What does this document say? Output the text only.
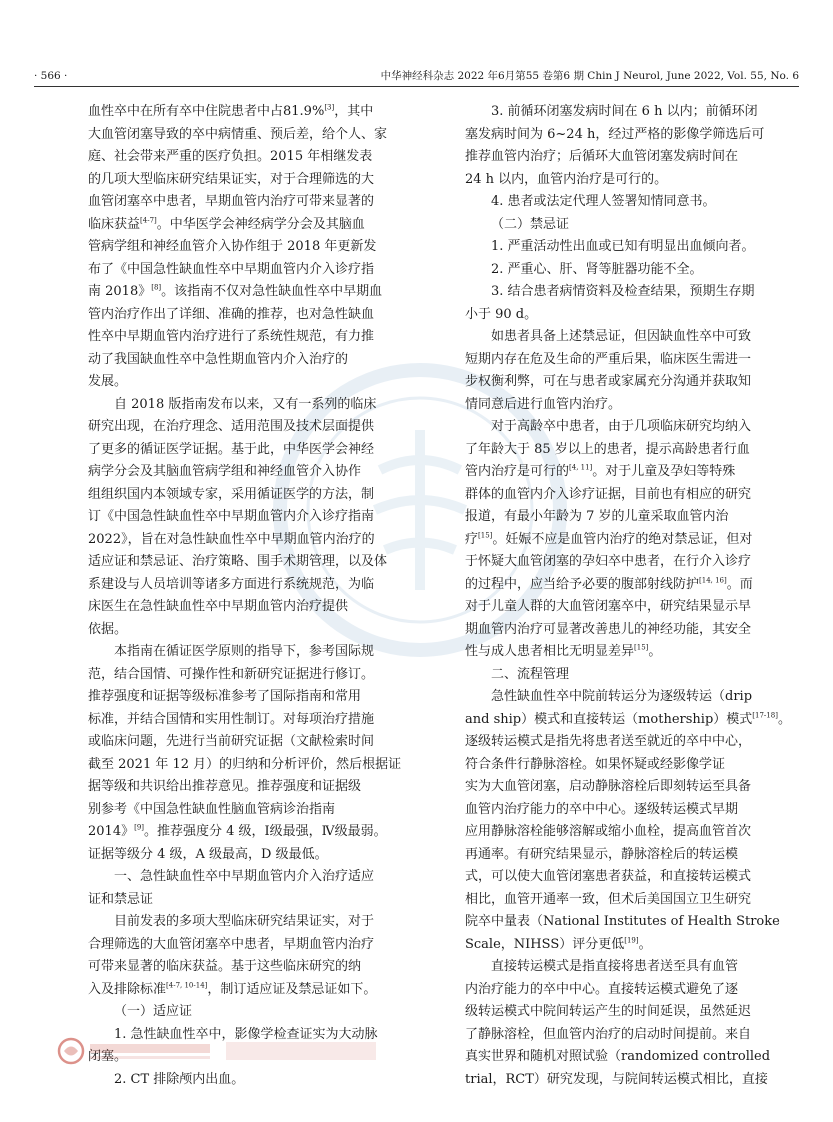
· 566 ·	中华神经科杂志 2022 年6月第55 卷第6 期 Chin J Neurol, June 2022, Vol. 55, No. 6

血性卒中在所有卒中住院患者中占81.9%[3]，其中

大血管闭塞导致的卒中病情重、预后差，给个人、家

庭、社会带来严重的医疗负担。2015 年相继发表

的几项大型临床研究结果证实，对于合理筛选的大

血管闭塞卒中患者，早期血管内治疗可带来显著的

临床获益[4-7]。中华医学会神经病学分会及其脑血

管病学组和神经血管介入协作组于 2018 年更新发

布了《中国急性缺血性卒中早期血管内介入诊疗指

南 2018》[8]。该指南不仅对急性缺血性卒中早期血

管内治疗作出了详细、准确的推荐，也对急性缺血

性卒中早期血管内治疗进行了系统性规范，有力推

动了我国缺血性卒中急性期血管内介入治疗的

发展。

自 2018 版指南发布以来，又有一系列的临床

研究出现，在治疗理念、适用范围及技术层面提供

了更多的循证医学证据。基于此，中华医学会神经

病学分会及其脑血管病学组和神经血管介入协作

组组织国内本领域专家，采用循证医学的方法，制

订《中国急性缺血性卒中早期血管内介入诊疗指南

2022》，旨在对急性缺血性卒中早期血管内治疗的

适应证和禁忌证、治疗策略、围手术期管理，以及体

系建设与人员培训等诸多方面进行系统规范，为临

床医生在急性缺血性卒中早期血管内治疗提供

依据。

本指南在循证医学原则的指导下，参考国际规

范，结合国情、可操作性和新研究证据进行修订。

推荐强度和证据等级标准参考了国际指南和常用

标准，并结合国情和实用性制订。对每项治疗措施

或临床问题，先进行当前研究证据（文献检索时间

截至 2021 年 12 月）的归纳和分析评价，然后根据证

据等级和共识给出推荐意见。推荐强度和证据级

别参考《中国急性缺血性脑血管病诊治指南

2014》[9]。推荐强度分 4 级，Ⅰ级最强，Ⅳ级最弱。

证据等级分 4 级，A 级最高，D 级最低。

一、急性缺血性卒中早期血管内介入治疗适应

证和禁忌证

目前发表的多项大型临床研究结果证实，对于

合理筛选的大血管闭塞卒中患者，早期血管内治疗

可带来显著的临床获益。基于这些临床研究的纳

入及排除标准[4-7, 10-14]，制订适应证及禁忌证如下。

（一）适应证

1. 急性缺血性卒中，影像学检查证实为大动脉

闭塞。

2. CT 排除颅内出血。

3. 前循环闭塞发病时间在 6 h 以内；前循环闭

塞发病时间为 6~24 h，经过严格的影像学筛选后可

推荐血管内治疗；后循环大血管闭塞发病时间在

24 h 以内，血管内治疗是可行的。

4. 患者或法定代理人签署知情同意书。

（二）禁忌证

1. 严重活动性出血或已知有明显出血倾向者。

2. 严重心、肝、肾等脏器功能不全。

3. 结合患者病情资料及检查结果，预期生存期

小于 90 d。

如患者具备上述禁忌证，但因缺血性卒中可致

短期内存在危及生命的严重后果，临床医生需进一

步权衡利弊，可在与患者或家属充分沟通并获取知

情同意后进行血管内治疗。

对于高龄卒中患者，由于几项临床研究均纳入

了年龄大于 85 岁以上的患者，提示高龄患者行血

管内治疗是可行的[4, 11]。对于儿童及孕妇等特殊

群体的血管内介入诊疗证据，目前也有相应的研究

报道，有最小年龄为 7 岁的儿童采取血管内治

疗[15]。妊娠不应是血管内治疗的绝对禁忌证，但对

于怀疑大血管闭塞的孕妇卒中患者，在行介入诊疗

的过程中，应当给予必要的腹部射线防护[14, 16]。而

对于儿童人群的大血管闭塞卒中，研究结果显示早

期血管内治疗可显著改善患儿的神经功能，其安全

性与成人患者相比无明显差异[15]。

二、流程管理

急性缺血性卒中院前转运分为逐级转运（drip

and ship）模式和直接转运（mothership）模式[17-18]。

逐级转运模式是指先将患者送至就近的卒中中心，

符合条件行静脉溶栓。如果怀疑或经影像学证

实为大血管闭塞，启动静脉溶栓后即刻转运至具备

血管内治疗能力的卒中中心。逐级转运模式早期

应用静脉溶栓能够溶解或缩小血栓，提高血管首次

再通率。有研究结果显示，静脉溶栓后的转运模

式，可以使大血管闭塞患者获益，和直接转运模式

相比，血管开通率一致，但术后美国国立卫生研究

院卒中量表（National Institutes of Health Stroke

Scale，NIHSS）评分更低[19]。

直接转运模式是指直接将患者送至具有血管

内治疗能力的卒中中心。直接转运模式避免了逐

级转运模式中院间转运产生的时间延误，虽然延迟

了静脉溶栓，但血管内治疗的启动时间提前。来自

真实世界和随机对照试验（randomized controlled

trial，RCT）研究发现，与院间转运模式相比，直接
